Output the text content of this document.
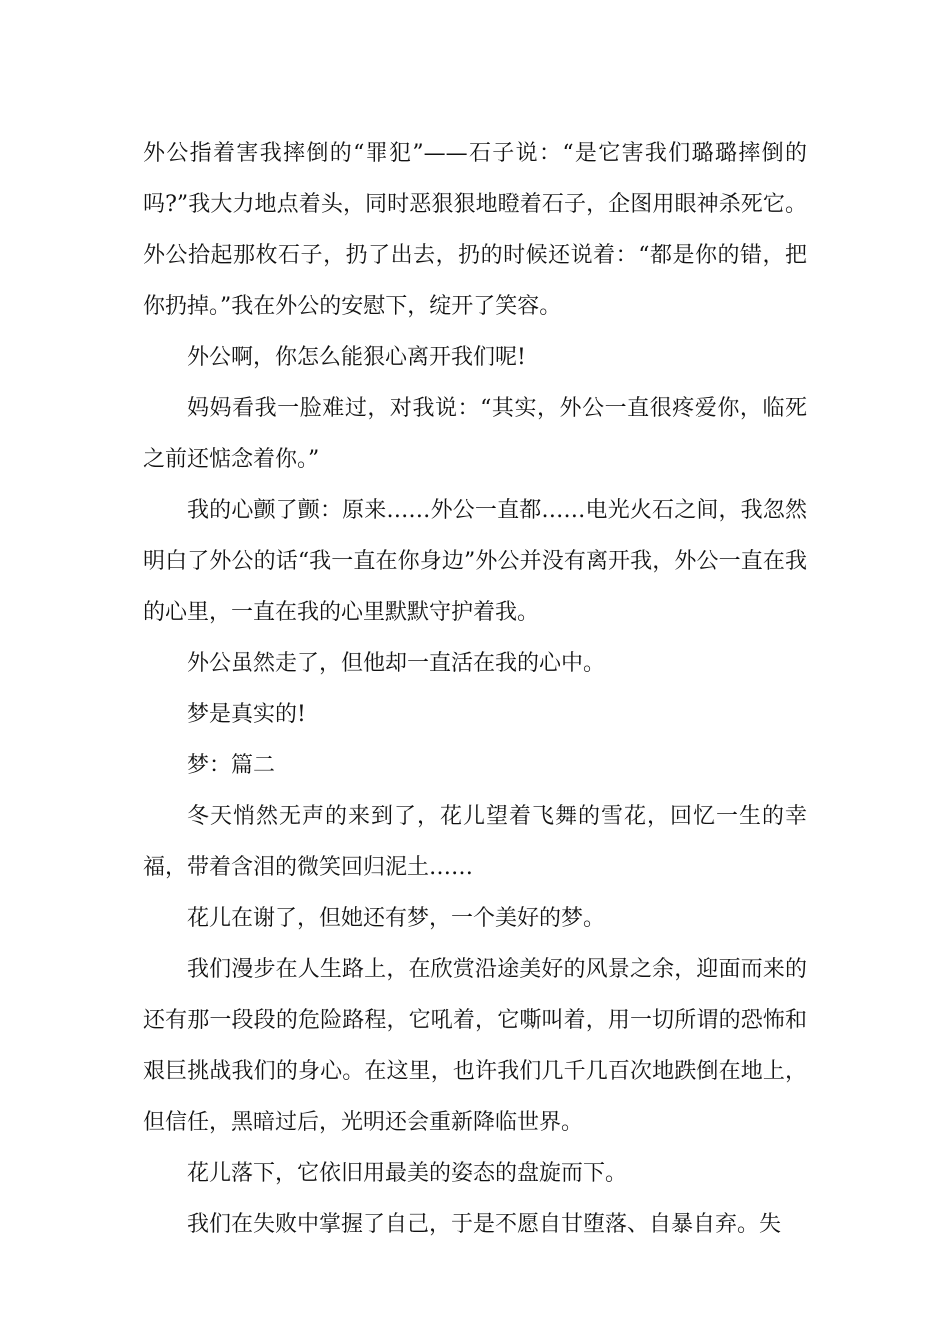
外公指着害我摔倒的“罪犯”——石子说：“是它害我们璐璐摔倒的吗?”我大力地点着头，同时恶狠狠地瞪着石子，企图用眼神杀死它。外公拾起那枚石子，扔了出去，扔的时候还说着：“都是你的错，把你扔掉。”我在外公的安慰下，绽开了笑容。

外公啊，你怎么能狠心离开我们呢!

妈妈看我一脸难过，对我说：“其实，外公一直很疼爱你，临死之前还惦念着你。”

我的心颤了颤：原来……外公一直都……电光火石之间，我忽然明白了外公的话“我一直在你身边”外公并没有离开我，外公一直在我的心里，一直在我的心里默默守护着我。

外公虽然走了，但他却一直活在我的心中。

梦是真实的!

梦：篇二

冬天悄然无声的来到了，花儿望着飞舞的雪花，回忆一生的幸福，带着含泪的微笑回归泥土……

花儿在谢了，但她还有梦，一个美好的梦。

我们漫步在人生路上，在欣赏沿途美好的风景之余，迎面而来的还有那一段段的危险路程，它吼着，它嘶叫着，用一切所谓的恐怖和艰巨挑战我们的身心。在这里，也许我们几千几百次地跌倒在地上，但信任，黑暗过后，光明还会重新降临世界。

花儿落下，它依旧用最美的姿态的盘旋而下。

我们在失败中掌握了自己，于是不愿自甘堕落、自暴自弃。失
